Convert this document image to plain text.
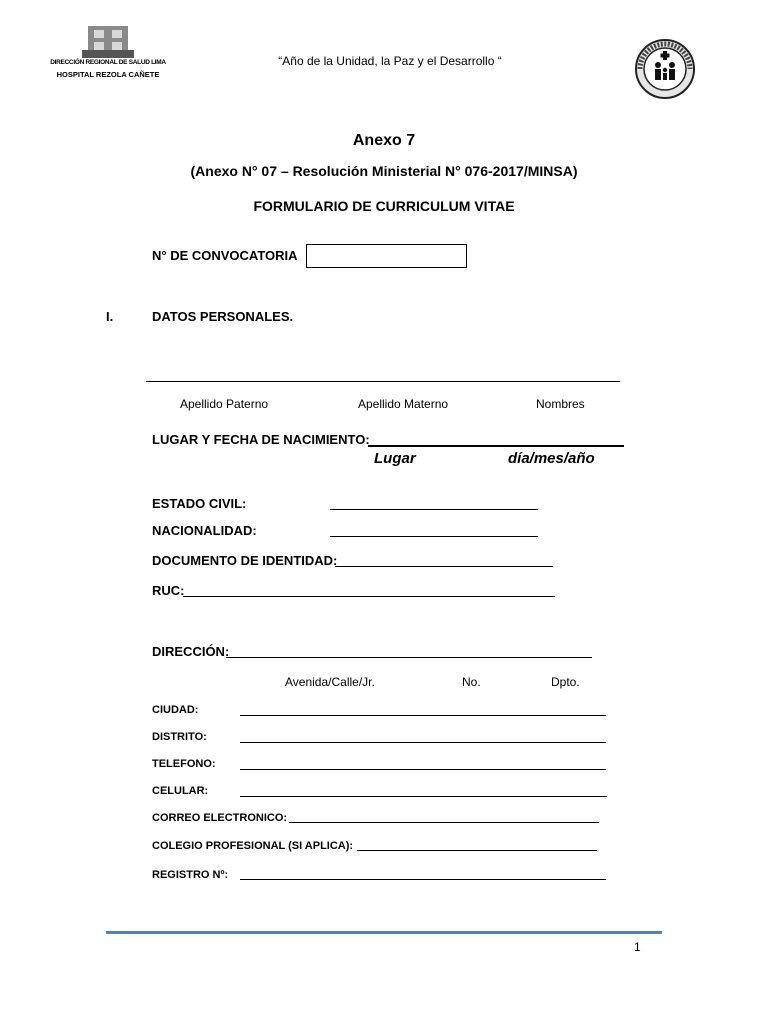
DIRECCIÓN REGIONAL DE SALUD LIMA
HOSPITAL REZOLA CAÑETE
“Año de la Unidad, la Paz y el Desarrollo “
Anexo 7
(Anexo N° 07 – Resolución Ministerial N° 076-2017/MINSA)
FORMULARIO DE CURRICULUM VITAE
N° DE CONVOCATORIA
I.	DATOS PERSONALES.
Apellido Paterno	Apellido Materno	Nombres
LUGAR Y FECHA DE NACIMIENTO:
Lugar	día/mes/año
ESTADO CIVIL:
NACIONALIDAD:
DOCUMENTO DE IDENTIDAD:
RUC:
DIRECCIÓN:
Avenida/Calle/Jr.	No.	Dpto.
CIUDAD:
DISTRITO:
TELEFONO:
CELULAR:
CORREO ELECTRONICO:
COLEGIO PROFESIONAL (SI APLICA):
REGISTRO Nº:
1
